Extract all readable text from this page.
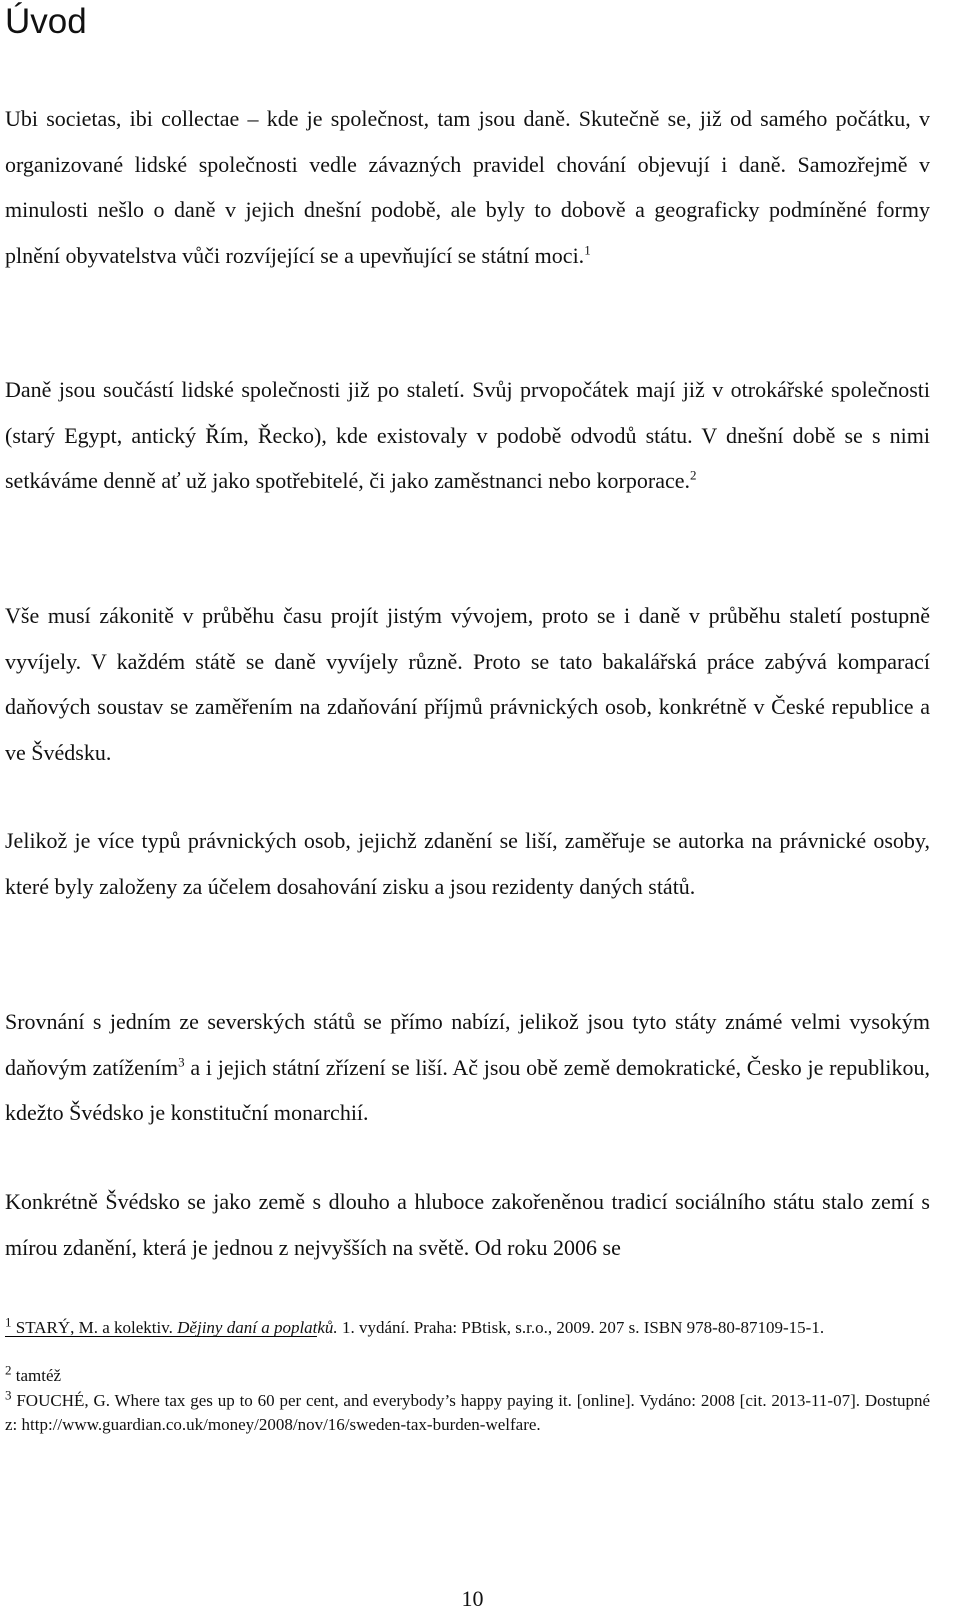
Úvod

Ubi societas, ibi collectae – kde je společnost, tam jsou daně. Skutečně se, již od samého počátku, v organizované lidské společnosti vedle závazných pravidel chování objevují i daně. Samozřejmě v minulosti nešlo o daně v jejich dnešní podobě, ale byly to dobově a geograficky podmíněné formy plnění obyvatelstva vůči rozvíjející se a upevňující se státní moci.$^1$

Daně jsou součástí lidské společnosti již po staletí. Svůj prvopočátek mají již v otrokářské společnosti (starý Egypt, antický Řím, Řecko), kde existovaly v podobě odvodů státu. V dnešní době se s nimi setkáváme denně ať už jako spotřebitelé, či jako zaměstnanci nebo korporace.$^2$

Vše musí zákonitě v průběhu času projít jistým vývojem, proto se i daně v průběhu staletí postupně vyvíjely. V každém státě se daně vyvíjely různě. Proto se tato bakalářská práce zabývá komparací daňových soustav se zaměřením na zdaňování příjmů právnických osob, konkrétně v České republice a ve Švédsku.

Jelikož je více typů právnických osob, jejichž zdanění se liší, zaměřuje se autorka na právnické osoby, které byly založeny za účelem dosahování zisku a jsou rezidenty daných států.

Srovnání s jedním ze severských států se přímo nabízí, jelikož jsou tyto státy známé velmi vysokým daňovým zatížením$^3$ a i jejich státní zřízení se liší. Ač jsou obě země demokratické, Česko je republikou, kdežto Švédsko je konstituční monarchií.

Konkrétně Švédsko se jako země s dlouho a hluboce zakořeněnou tradicí sociálního státu stalo zemí s mírou zdanění, která je jednou z nejvyšších na světě. Od roku 2006 se

$^1$ STARÝ, M. a kolektiv. Dějiny daní a poplatků. 1. vydání. Praha: PBtisk, s.r.o., 2009. 207 s. ISBN 978-80-87109-15-1.

$^2$ tamtéž

$^3$ FOUCHÉ, G. Where tax ges up to 60 per cent, and everybody’s happy paying it. [online]. Vydáno: 2008 [cit. 2013-11-07]. Dostupné z: http://www.guardian.co.uk/money/2008/nov/16/sweden-tax-burden-welfare.

10
